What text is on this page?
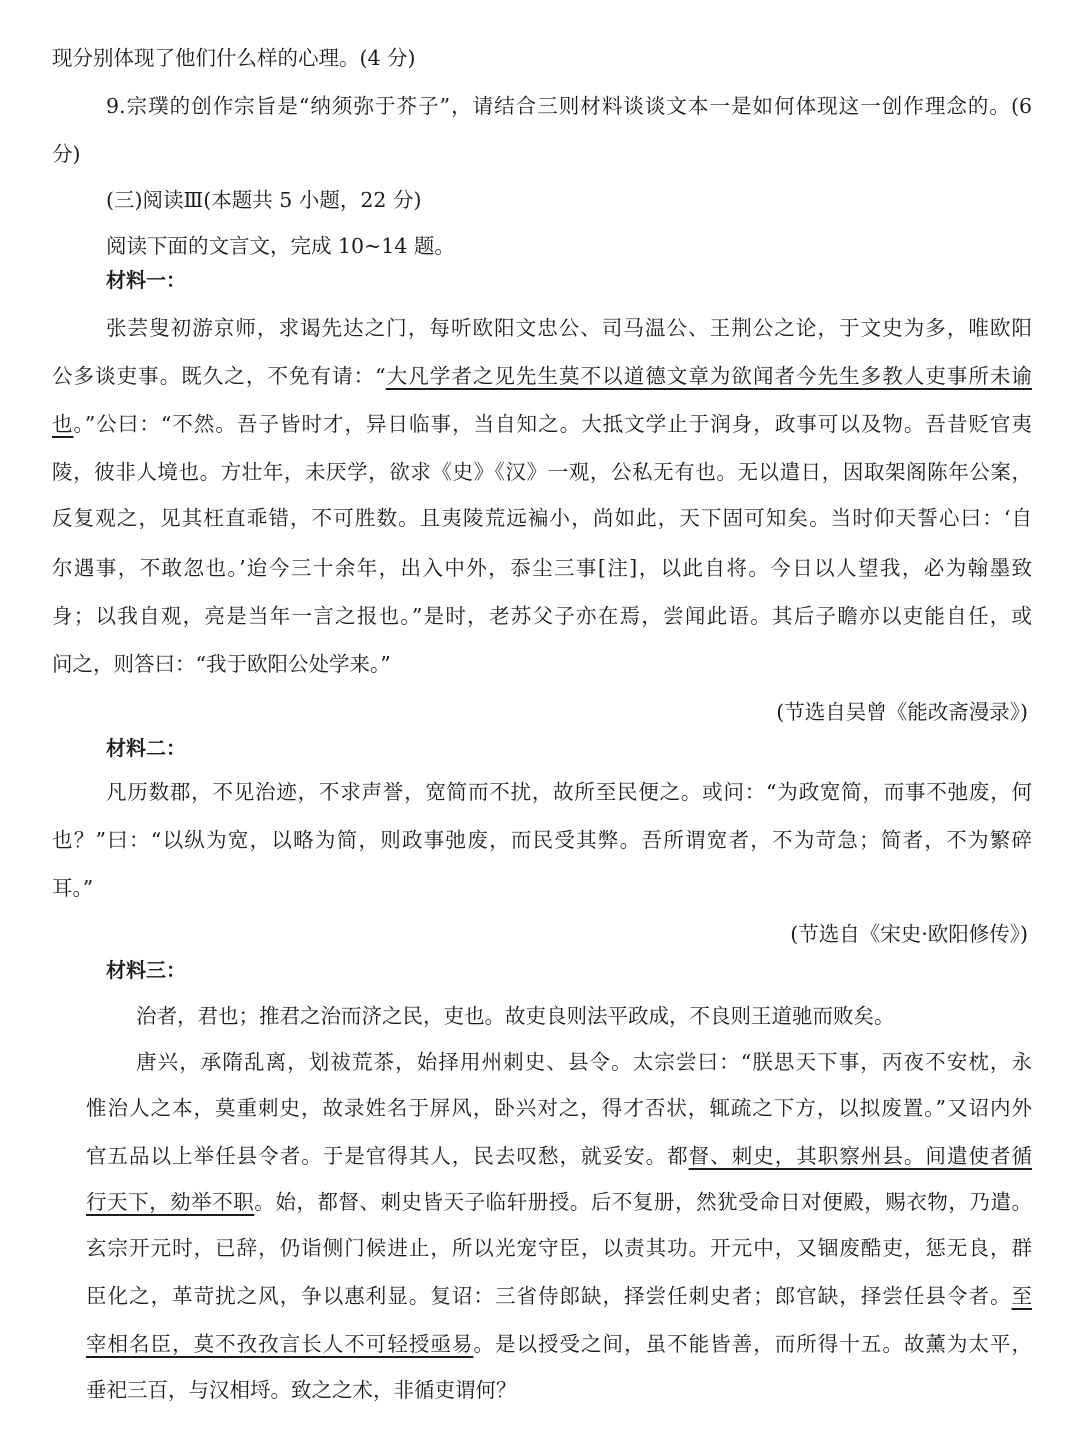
现分别体现了他们什么样的心理。(4 分)
9.宗璞的创作宗旨是“纳须弥于芥子”，请结合三则材料谈谈文本一是如何体现这一创作理念的。(6
分)
(三)阅读Ⅲ(本题共 5 小题，22 分)
阅读下面的文言文，完成 10~14 题。
材料一：
张芸叟初游京师，求谒先达之门，每听欧阳文忠公、司马温公、王荆公之论，于文史为多，唯欧阳
公多谈吏事。既久之，不免有请：“大凡学者之见先生莫不以道德文章为欲闻者今先生多教人吏事所未谕
也。”公曰：“不然。吾子皆时才，异日临事，当自知之。大抵文学止于润身，政事可以及物。吾昔贬官夷
陵，彼非人境也。方壮年，未厌学，欲求《史》《汉》一观，公私无有也。无以遣日，因取架阁陈年公案，
反复观之，见其枉直乖错，不可胜数。且夷陵荒远褊小，尚如此，天下固可知矣。当时仰天誓心曰：‘自
尔遇事，不敢忽也。’迨今三十余年，出入中外，忝尘三事[注]，以此自将。今日以人望我，必为翰墨致
身；以我自观，亮是当年一言之报也。”是时，老苏父子亦在焉，尝闻此语。其后子瞻亦以吏能自任，或
问之，则答曰：“我于欧阳公处学来。”
(节选自吴曾《能改斋漫录》)
材料二：
凡历数郡，不见治迹，不求声誉，宽简而不扰，故所至民便之。或问：“为政宽简，而事不弛废，何
也？”曰：“以纵为宽，以略为简，则政事弛废，而民受其弊。吾所谓宽者，不为苛急；简者，不为繁碎
耳。”
(节选自《宋史·欧阳修传》)
材料三：
治者，君也；推君之治而济之民，吏也。故吏良则法平政成，不良则王道驰而败矣。
唐兴，承隋乱离，划祓荒茶，始择用州刺史、县令。太宗尝曰：“朕思天下事，丙夜不安枕，永
惟治人之本，莫重刺史，故录姓名于屏风，卧兴对之，得才否状，辄疏之下方，以拟废置。”又诏内外
官五品以上举任县令者。于是官得其人，民去叹愁，就妥安。都督、刺史，其职察州县。间遣使者循
行天下，劾举不职。始，都督、刺史皆天子临轩册授。后不复册，然犹受命日对便殿，赐衣物，乃遣。
玄宗开元时，已辞，仍诣侧门候进止，所以光宠守臣，以责其功。开元中，又锢废酷吏，惩无良，群
臣化之，革苛扰之风，争以惠利显。复诏：三省侍郎缺，择尝任刺史者；郎官缺，择尝任县令者。至
宰相名臣，莫不孜孜言长人不可轻授亟易。是以授受之间，虽不能皆善，而所得十五。故薰为太平，
垂祀三百，与汉相埒。致之之术，非循吏谓何？
